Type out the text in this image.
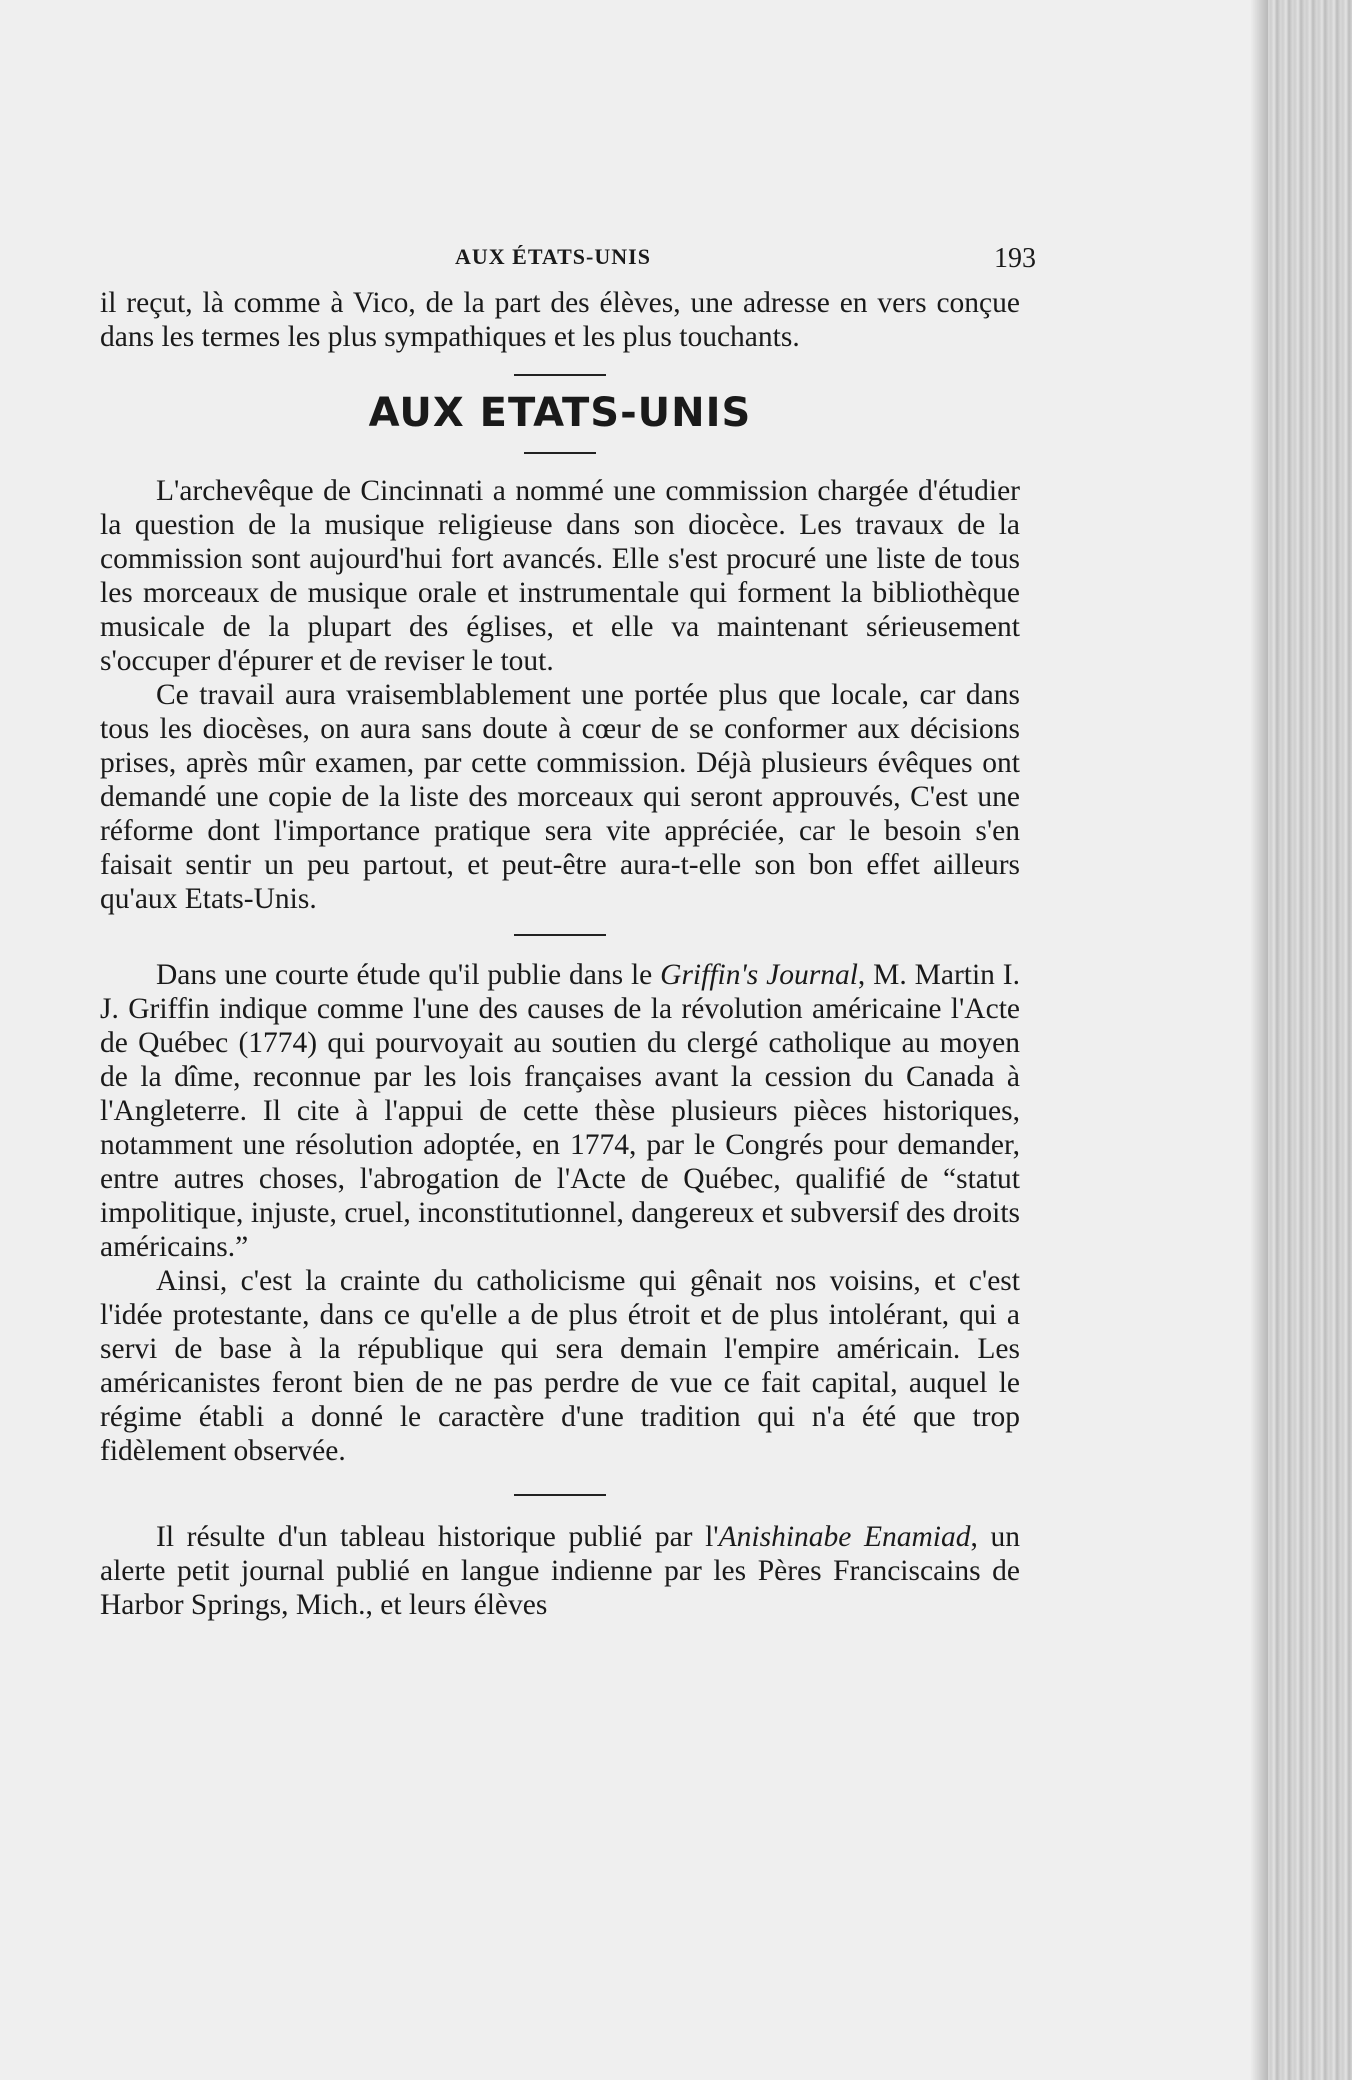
AUX ÉTATS-UNIS	193

il reçut, là comme à Vico, de la part des élèves, une adresse en vers conçue dans les termes les plus sympathiques et les plus touchants.

AUX ETATS-UNIS

L'archevêque de Cincinnati a nommé une commission chargée d'étudier la question de la musique religieuse dans son diocèce. Les travaux de la commission sont aujourd'hui fort avancés. Elle s'est procuré une liste de tous les morceaux de musique orale et instrumentale qui forment la bibliothèque musicale de la plupart des églises, et elle va maintenant sérieusement s'occuper d'épurer et de reviser le tout.

Ce travail aura vraisemblablement une portée plus que locale, car dans tous les diocèses, on aura sans doute à cœur de se conformer aux décisions prises, après mûr examen, par cette commission. Déjà plusieurs évêques ont demandé une copie de la liste des morceaux qui seront approuvés, C'est une réforme dont l'importance pratique sera vite appréciée, car le besoin s'en faisait sentir un peu partout, et peut-être aura-t-elle son bon effet ailleurs qu'aux Etats-Unis.

Dans une courte étude qu'il publie dans le Griffin's Journal, M. Martin I. J. Griffin indique comme l'une des causes de la révolution américaine l'Acte de Québec (1774) qui pourvoyait au soutien du clergé catholique au moyen de la dîme, reconnue par les lois françaises avant la cession du Canada à l'Angleterre. Il cite à l'appui de cette thèse plusieurs pièces historiques, notamment une résolution adoptée, en 1774, par le Congrés pour demander, entre autres choses, l'abrogation de l'Acte de Québec, qualifié de “statut impolitique, injuste, cruel, inconstitutionnel, dangereux et subversif des droits américains.”

Ainsi, c'est la crainte du catholicisme qui gênait nos voisins, et c'est l'idée protestante, dans ce qu'elle a de plus étroit et de plus intolérant, qui a servi de base à la république qui sera demain l'empire américain. Les américanistes feront bien de ne pas perdre de vue ce fait capital, auquel le régime établi a donné le caractère d'une tradition qui n'a été que trop fidèlement observée.

Il résulte d'un tableau historique publié par l'Anishinabe Enamiad, un alerte petit journal publié en langue indienne par les Pères Franciscains de Harbor Springs, Mich., et leurs élèves
